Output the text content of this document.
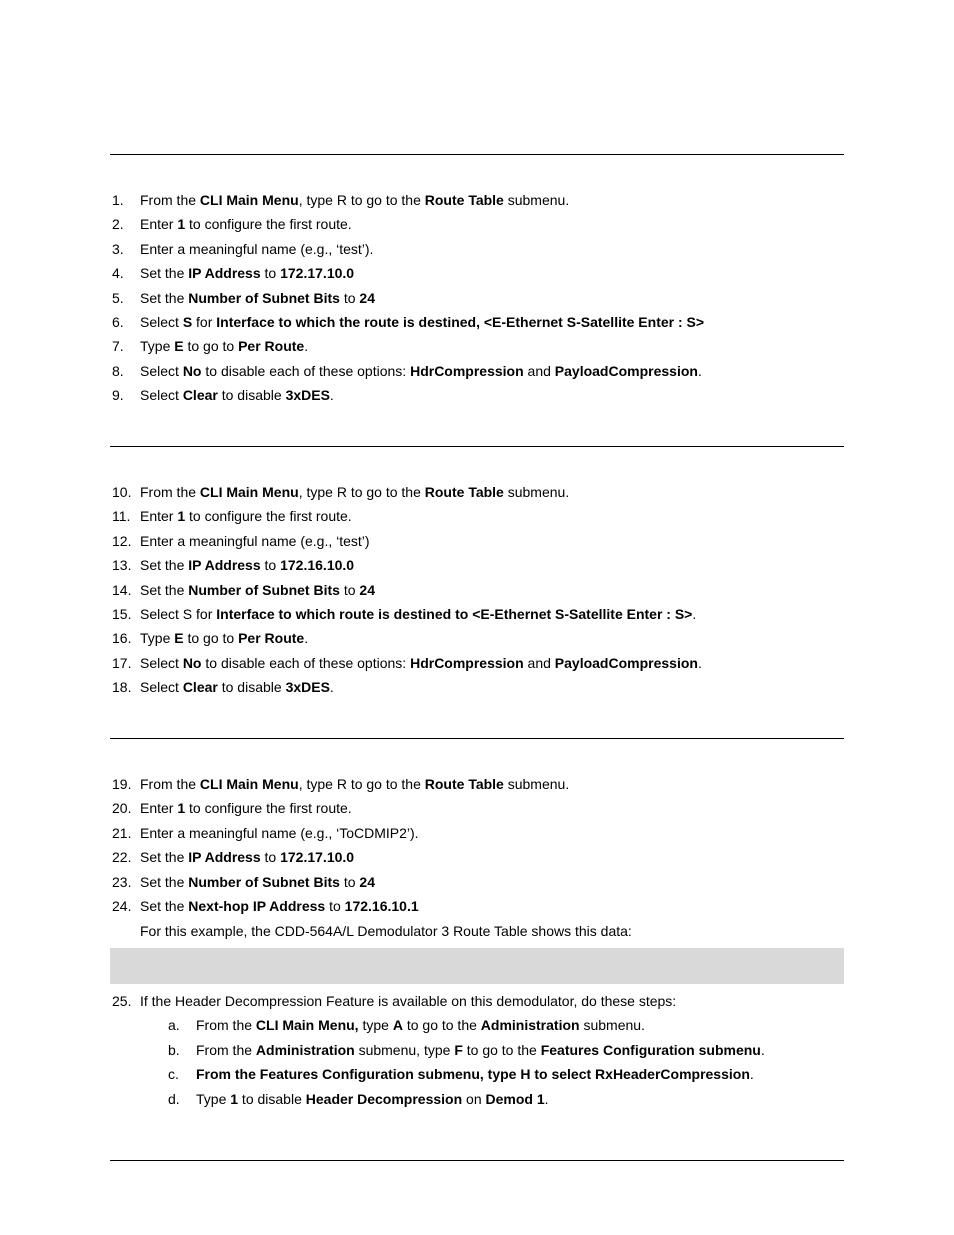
1. From the CLI Main Menu, type R to go to the Route Table submenu.
2. Enter 1 to configure the first route.
3. Enter a meaningful name (e.g., ‘test’).
4. Set the IP Address to 172.17.10.0
5. Set the Number of Subnet Bits to 24
6. Select S for Interface to which the route is destined, <E-Ethernet S-Satellite Enter : S>
7. Type E to go to Per Route.
8. Select No to disable each of these options: HdrCompression and PayloadCompression.
9. Select Clear to disable 3xDES.
10. From the CLI Main Menu, type R to go to the Route Table submenu.
11. Enter 1 to configure the first route.
12. Enter a meaningful name (e.g., ‘test’)
13. Set the IP Address to 172.16.10.0
14. Set the Number of Subnet Bits to 24
15. Select S for Interface to which route is destined to <E-Ethernet S-Satellite Enter : S>.
16. Type E to go to Per Route.
17. Select No to disable each of these options: HdrCompression and PayloadCompression.
18. Select Clear to disable 3xDES.
19. From the CLI Main Menu, type R to go to the Route Table submenu.
20. Enter 1 to configure the first route.
21. Enter a meaningful name (e.g., ‘ToCDMIP2’).
22. Set the IP Address to 172.17.10.0
23. Set the Number of Subnet Bits to 24
24. Set the Next-hop IP Address to 172.16.10.1
For this example, the CDD-564A/L Demodulator 3 Route Table shows this data:
25. If the Header Decompression Feature is available on this demodulator, do these steps:
a. From the CLI Main Menu, type A to go to the Administration submenu.
b. From the Administration submenu, type F to go to the Features Configuration submenu.
c. From the Features Configuration submenu, type H to select RxHeaderCompression.
d. Type 1 to disable Header Decompression on Demod 1.
